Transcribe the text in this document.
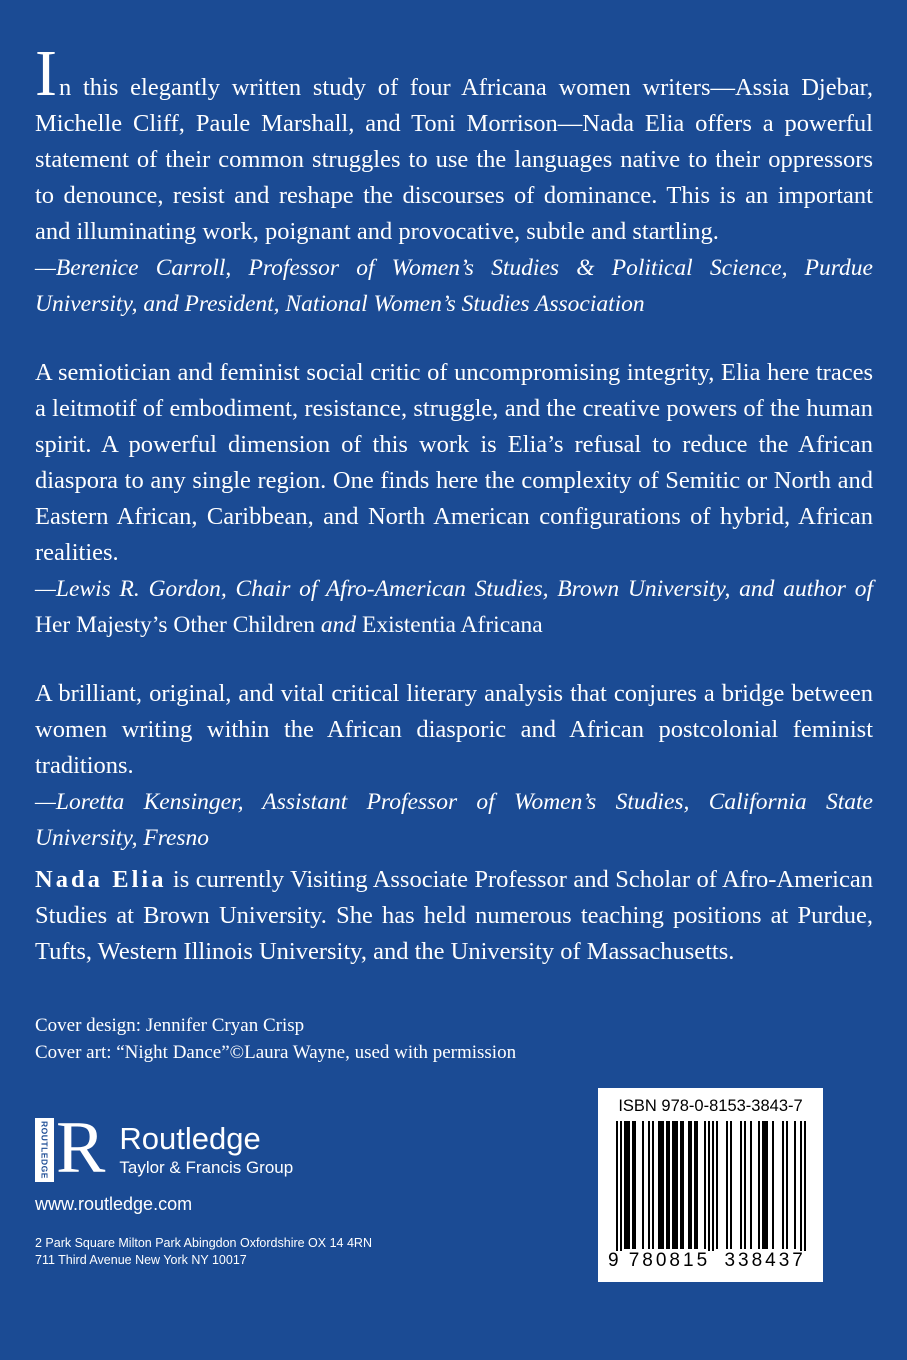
In this elegantly written study of four Africana women writers—Assia Djebar, Michelle Cliff, Paule Marshall, and Toni Morrison—Nada Elia offers a powerful statement of their common struggles to use the languages native to their oppressors to denounce, resist and reshape the discourses of dominance. This is an important and illuminating work, poignant and provocative, subtle and startling.

—Berenice Carroll, Professor of Women’s Studies & Political Science, Purdue University, and President, National Women’s Studies Association

A semiotician and feminist social critic of uncompromising integrity, Elia here traces a leitmotif of embodiment, resistance, struggle, and the creative powers of the human spirit. A powerful dimension of this work is Elia’s refusal to reduce the African diaspora to any single region. One finds here the complexity of Semitic or North and Eastern African, Caribbean, and North American configurations of hybrid, African realities.

—Lewis R. Gordon, Chair of Afro-American Studies, Brown University, and author of Her Majesty’s Other Children and Existentia Africana

A brilliant, original, and vital critical literary analysis that conjures a bridge between women writing within the African diasporic and African postcolonial feminist traditions.

—Loretta Kensinger, Assistant Professor of Women’s Studies, California State University, Fresno

Nada Elia is currently Visiting Associate Professor and Scholar of Afro-American Studies at Brown University. She has held numerous teaching positions at Purdue, Tufts, Western Illinois University, and the University of Massachusetts.

Cover design: Jennifer Cryan Crisp
Cover art: “Night Dance”©Laura Wayne, used with permission
ROUTLEDGE R Routledge
Taylor & Francis Group
www.routledge.com
2 Park Square Milton Park Abingdon Oxfordshire OX 14 4RN
711 Third Avenue New York NY 10017
ISBN 978-0-8153-3843-7
9 780815 338437
